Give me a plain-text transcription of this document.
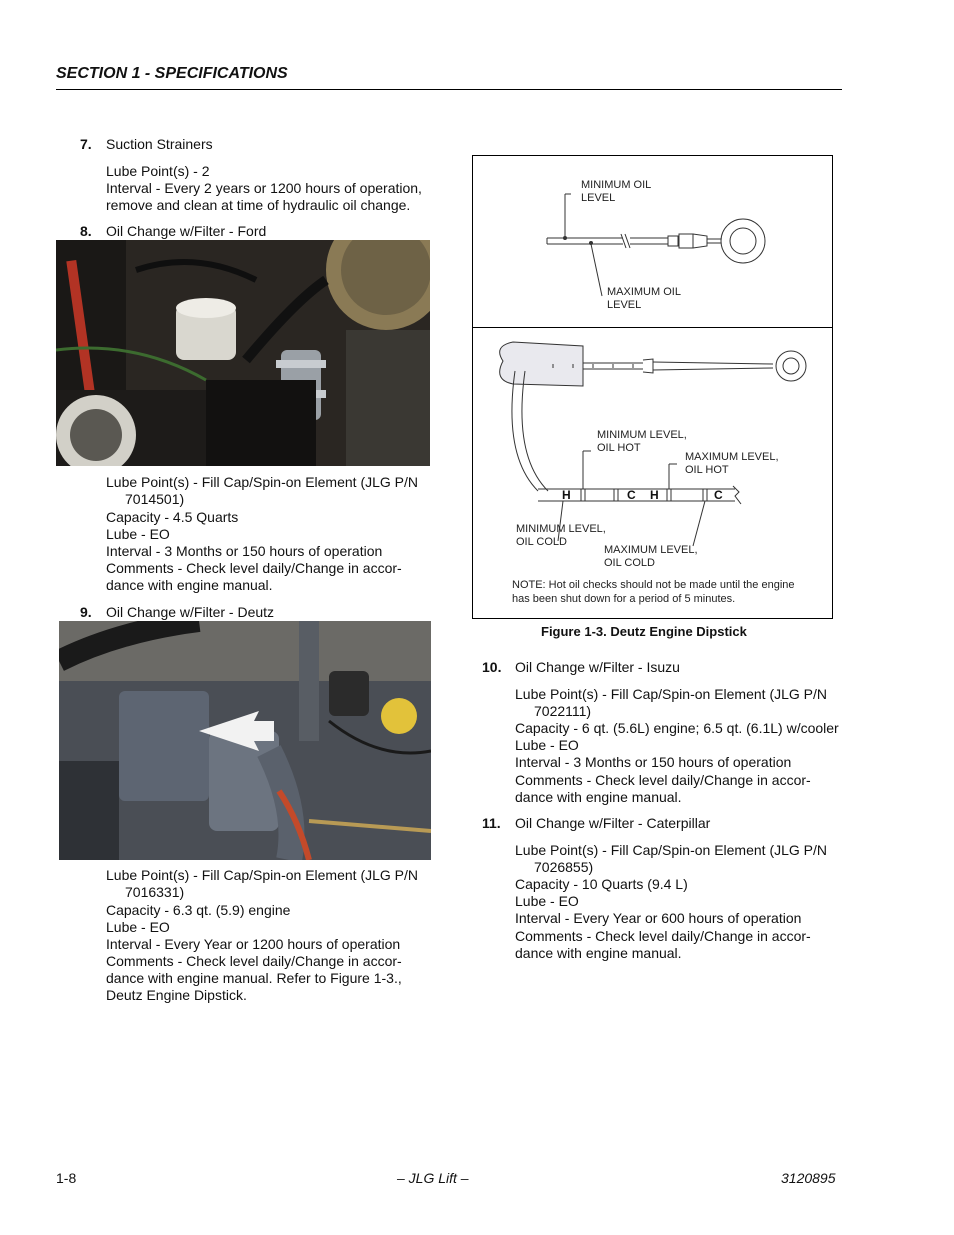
SECTION 1 - SPECIFICATIONS
7. Suction Strainers
Lube Point(s) - 2
Interval - Every 2 years or 1200 hours of operation,
remove and clean at time of hydraulic oil change.
8. Oil Change w/Filter - Ford
Lube Point(s) - Fill Cap/Spin-on Element (JLG P/N
7014501)
Capacity - 4.5 Quarts
Lube - EO
Interval - 3 Months or 150 hours of operation
Comments - Check level daily/Change in accor-
dance with engine manual.
9. Oil Change w/Filter - Deutz
Lube Point(s) - Fill Cap/Spin-on Element (JLG P/N
7016331)
Capacity - 6.3 qt. (5.9) engine
Lube - EO
Interval - Every Year or 1200 hours of operation
Comments - Check level daily/Change in accor-
dance with engine manual. Refer to Figure 1-3.,
Deutz Engine Dipstick.
MINIMUM OIL
LEVEL
MAXIMUM OIL
LEVEL
MINIMUM LEVEL,
OIL HOT
MAXIMUM LEVEL,
OIL HOT
H	C H	C
MINIMUM LEVEL,
OIL COLD
MAXIMUM LEVEL,
OIL COLD
NOTE: Hot oil checks should not be made until the engine
has been shut down for a period of 5 minutes.
Figure 1-3. Deutz Engine Dipstick
10. Oil Change w/Filter - Isuzu
Lube Point(s) - Fill Cap/Spin-on Element (JLG P/N
7022111)
Capacity - 6 qt. (5.6L) engine; 6.5 qt. (6.1L) w/cooler
Lube - EO
Interval - 3 Months or 150 hours of operation
Comments - Check level daily/Change in accor-
dance with engine manual.
11. Oil Change w/Filter - Caterpillar
Lube Point(s) - Fill Cap/Spin-on Element (JLG P/N
7026855)
Capacity - 10 Quarts (9.4 L)
Lube - EO
Interval - Every Year or 600 hours of operation
Comments - Check level daily/Change in accor-
dance with engine manual.
1-8	– JLG Lift –	3120895
